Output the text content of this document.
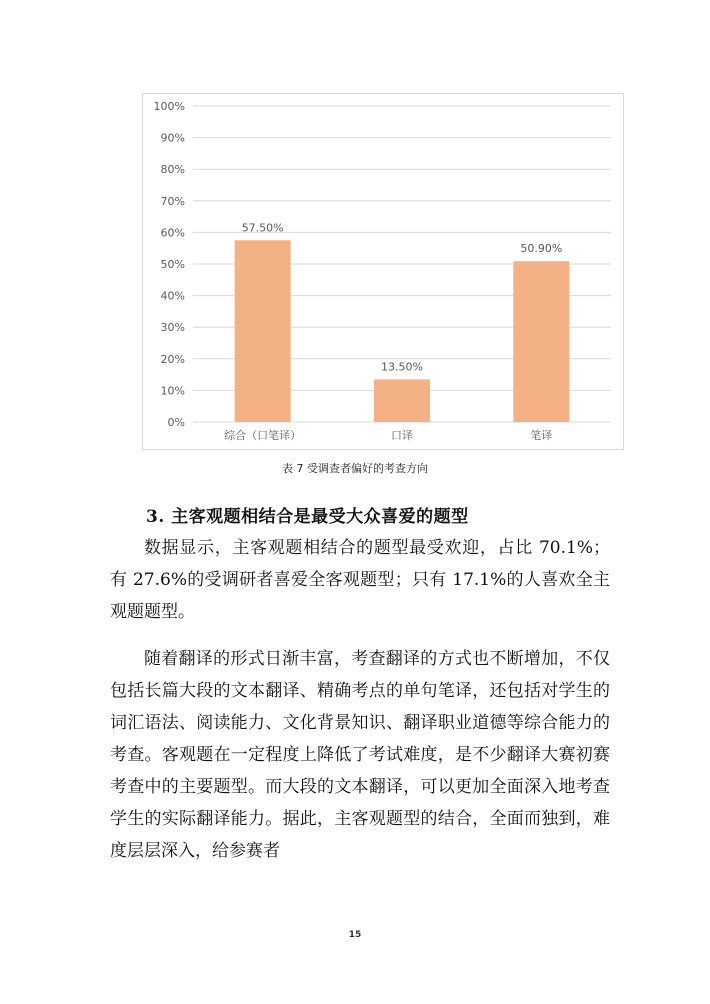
0%
10%
20%
30%
40%
50%
60%
70%
80%
90%
100%
57.50%
综合（口笔译）
13.50%
口译
50.90%
笔译
表 7 受调查者偏好的考查方向
3. 主客观题相结合是最受大众喜爱的题型

数据显示，主客观题相结合的题型最受欢迎，占比 70.1%；有 27.6%的受调研者喜爱全客观题型；只有 17.1%的人喜欢全主观题题型。

随着翻译的形式日渐丰富，考查翻译的方式也不断增加，不仅包括长篇大段的文本翻译、精确考点的单句笔译，还包括对学生的词汇语法、阅读能力、文化背景知识、翻译职业道德等综合能力的考查。客观题在一定程度上降低了考试难度，是不少翻译大赛初赛考查中的主要题型。而大段的文本翻译，可以更加全面深入地考查学生的实际翻译能力。据此，主客观题型的结合，全面而独到，难度层层深入，给参赛者

15
